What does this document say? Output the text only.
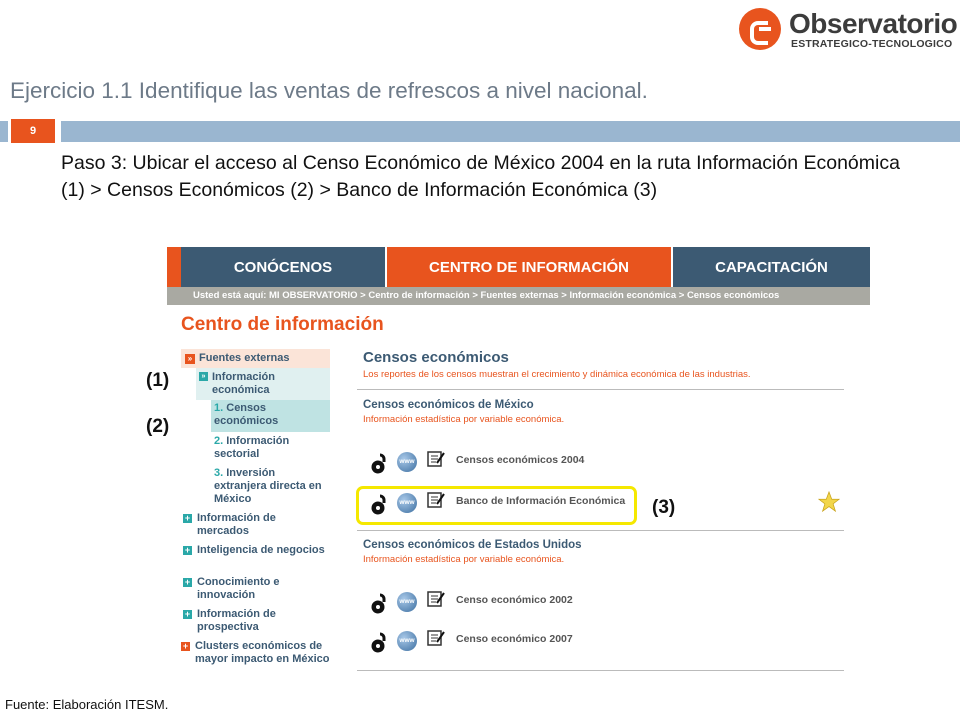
Observatorio
ESTRATEGICO-TECNOLOGICO
Ejercicio 1.1 Identifique las ventas de refrescos a nivel nacional.
9
Paso 3: Ubicar el acceso al Censo Económico de México 2004 en la ruta Información Económica (1) > Censos Económicos (2) > Banco de Información Económica (3)
CONÓCENOS	CENTRO DE INFORMACIÓN	CAPACITACIÓN
Usted está aquí: MI OBSERVATORIO > Centro de información > Fuentes externas > Información económica > Censos económicos
Centro de información
» Fuentes externas
» Información económica
1. Censos económicos
2. Información sectorial
3. Inversión extranjera directa en México
+ Información de mercados
+ Inteligencia de negocios
+ Conocimiento e innovación
+ Información de prospectiva
+ Clusters económicos de mayor impacto en México
Censos económicos
Los reportes de los censos muestran el crecimiento y dinámica económica de las industrias.
Censos económicos de México
Información estadística por variable económica.
www	Censos económicos 2004
www	Banco de Información Económica
Censos económicos de Estados Unidos
Información estadística por variable económica.
www	Censo económico 2002
www	Censo económico 2007
(1)
(2)
(3)
Fuente: Elaboración ITESM.
